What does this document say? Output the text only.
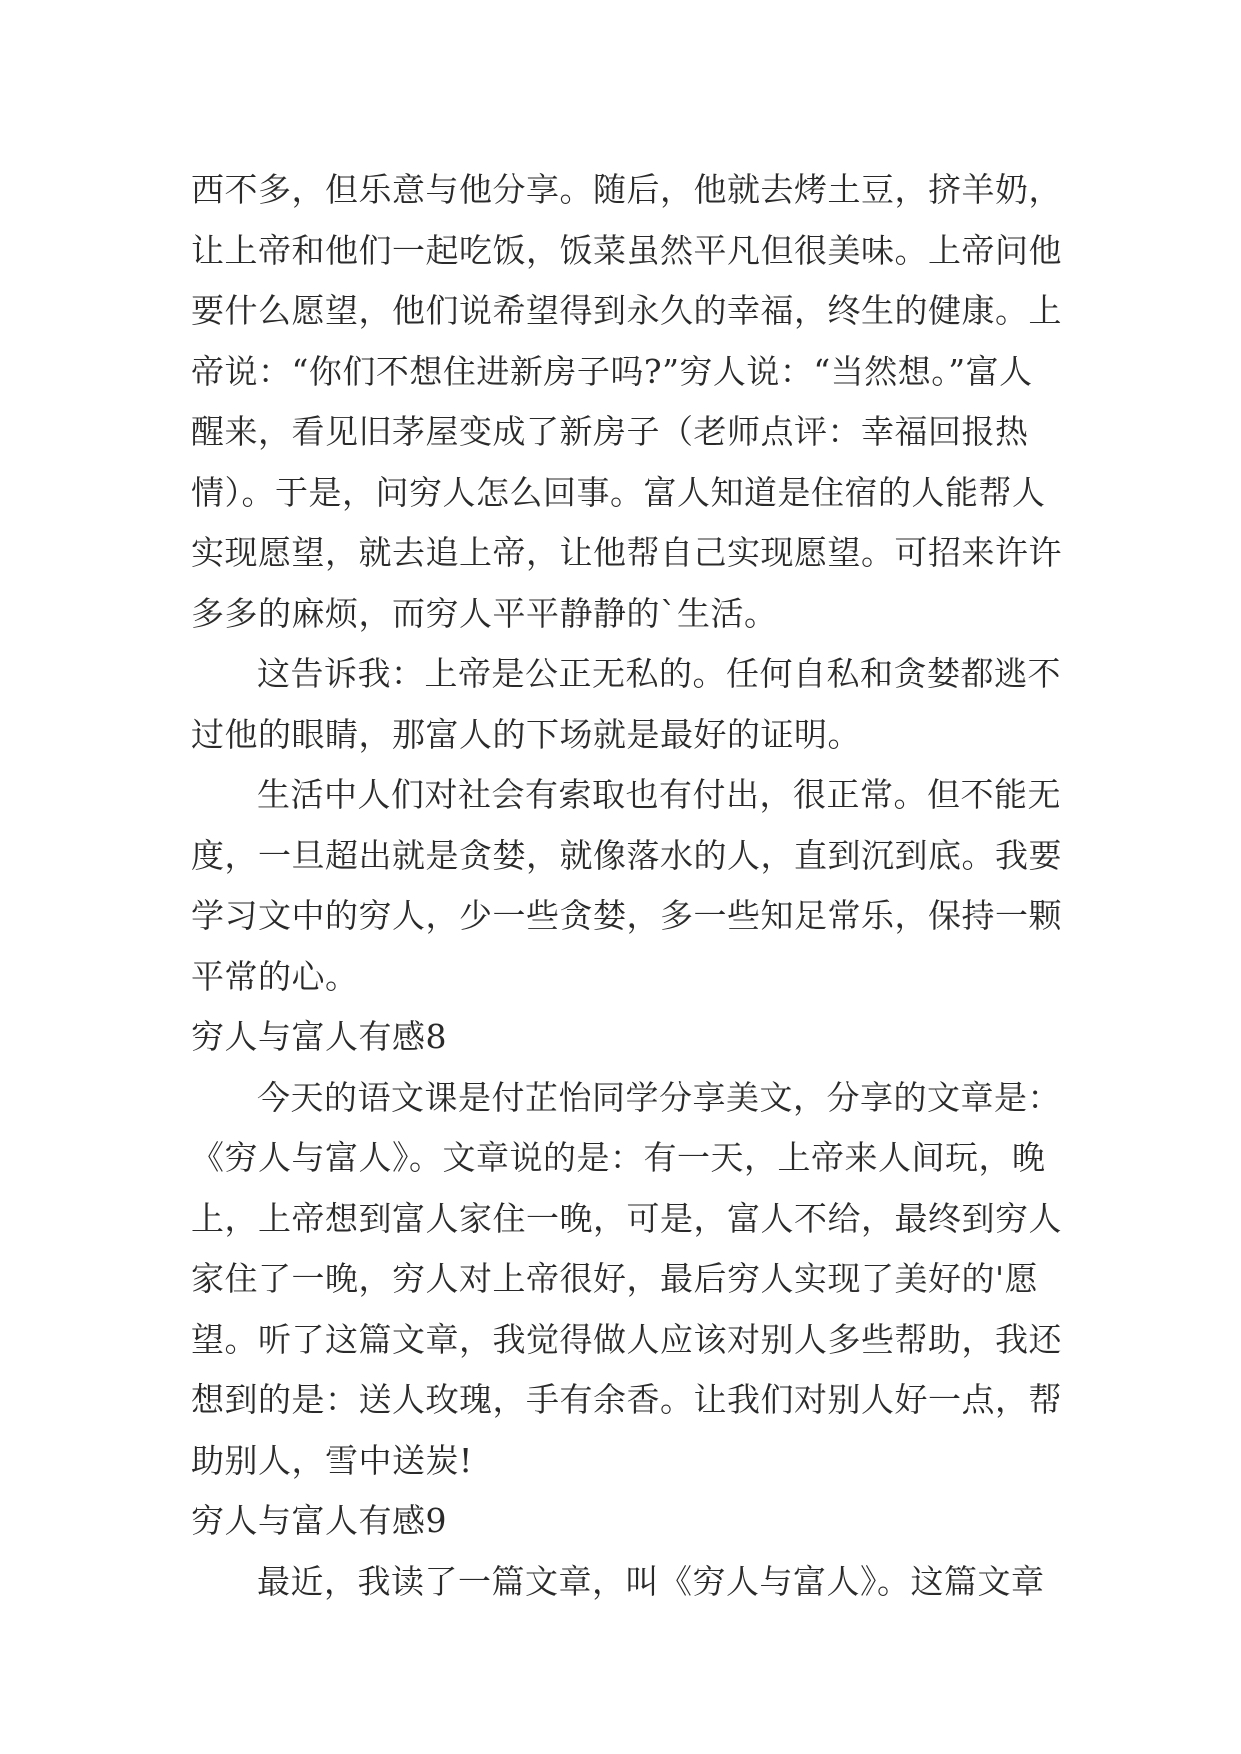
西不多，但乐意与他分享。随后，他就去烤土豆，挤羊奶，
让上帝和他们一起吃饭，饭菜虽然平凡但很美味。上帝问他
要什么愿望，他们说希望得到永久的幸福，终生的健康。上
帝说：“你们不想住进新房子吗?”穷人说：“当然想。”富人
醒来，看见旧茅屋变成了新房子（老师点评：幸福回报热
情）。于是，问穷人怎么回事。富人知道是住宿的人能帮人
实现愿望，就去追上帝，让他帮自己实现愿望。可招来许许
多多的麻烦，而穷人平平静静的`生活。
这告诉我：上帝是公正无私的。任何自私和贪婪都逃不
过他的眼睛，那富人的下场就是最好的证明。
生活中人们对社会有索取也有付出，很正常。但不能无
度，一旦超出就是贪婪，就像落水的人，直到沉到底。我要
学习文中的穷人，少一些贪婪，多一些知足常乐，保持一颗
平常的心。
穷人与富人有感8
今天的语文课是付芷怡同学分享美文，分享的文章是：
《穷人与富人》。文章说的是：有一天，上帝来人间玩，晚
上，上帝想到富人家住一晚，可是，富人不给，最终到穷人
家住了一晚，穷人对上帝很好，最后穷人实现了美好的'愿
望。听了这篇文章，我觉得做人应该对别人多些帮助，我还
想到的是：送人玫瑰，手有余香。让我们对别人好一点，帮
助别人，雪中送炭!
穷人与富人有感9
最近，我读了一篇文章，叫《穷人与富人》。这篇文章
